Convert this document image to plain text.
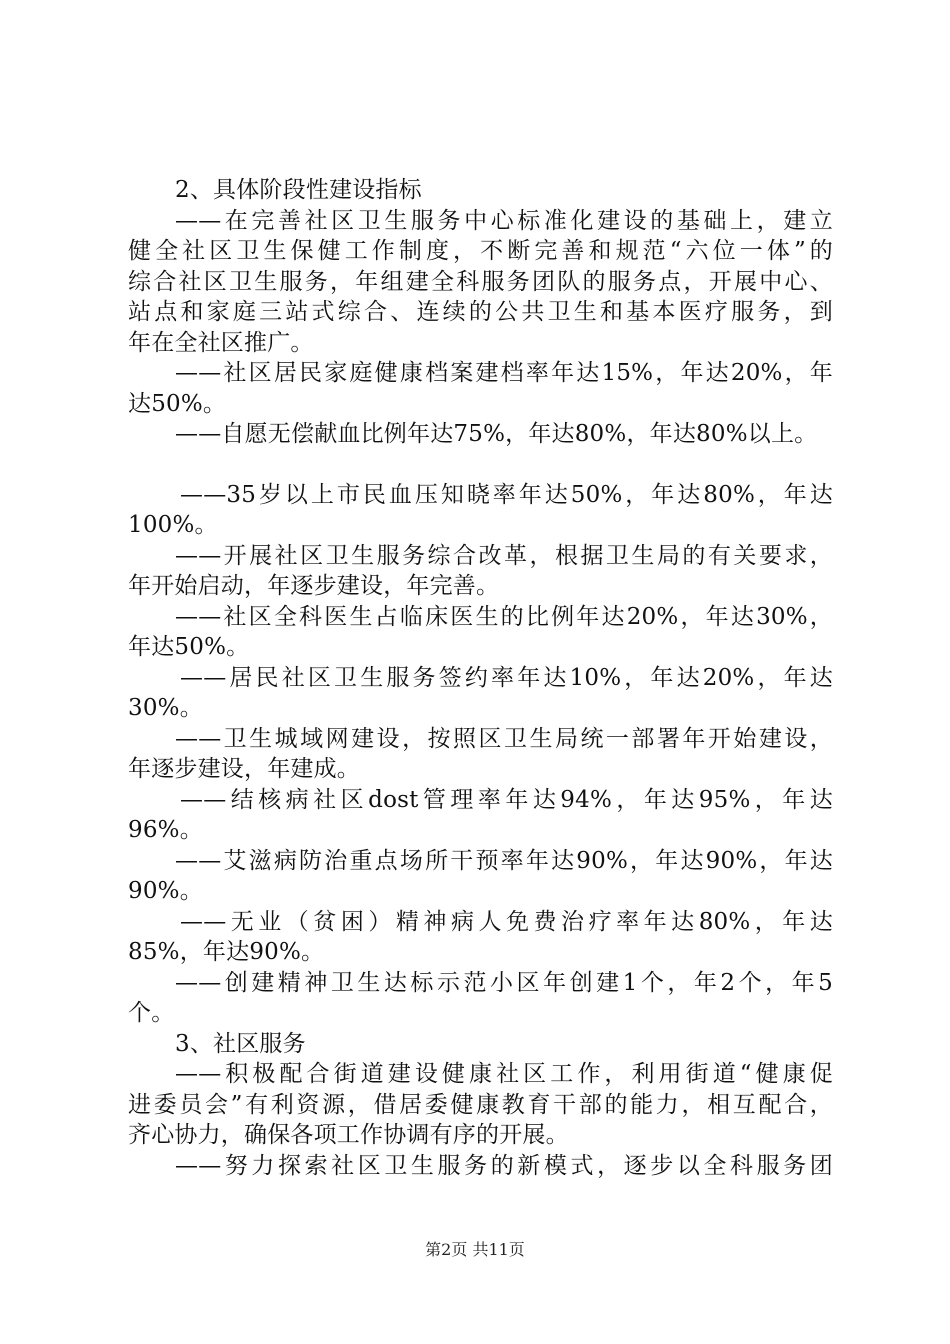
2、具体阶段性建设指标
——在完善社区卫生服务中心标准化建设的基础上，建立
健全社区卫生保健工作制度，不断完善和规范“六位一体”的
综合社区卫生服务，年组建全科服务团队的服务点，开展中心、
站点和家庭三站式综合、连续的公共卫生和基本医疗服务，到
年在全社区推广。
——社区居民家庭健康档案建档率年达15%，年达20%，年
达50%。
——自愿无偿献血比例年达75%，年达80%，年达80%以上。
——35岁以上市民血压知晓率年达50%，年达80%，年达
100%。
——开展社区卫生服务综合改革，根据卫生局的有关要求，
年开始启动，年逐步建设，年完善。
——社区全科医生占临床医生的比例年达20%，年达30%，
年达50%。
——居民社区卫生服务签约率年达10%，年达20%，年达
30%。
——卫生城域网建设，按照区卫生局统一部署年开始建设，
年逐步建设，年建成。
——结核病社区dost管理率年达94%，年达95%，年达
96%。
——艾滋病防治重点场所干预率年达90%，年达90%，年达
90%。
——无业（贫困）精神病人免费治疗率年达80%，年达
85%，年达90%。
——创建精神卫生达标示范小区年创建1个，年2个，年5
个。
3、社区服务
——积极配合街道建设健康社区工作，利用街道“健康促
进委员会”有利资源，借居委健康教育干部的能力，相互配合，
齐心协力，确保各项工作协调有序的开展。
——努力探索社区卫生服务的新模式，逐步以全科服务团
第2页 共11页
